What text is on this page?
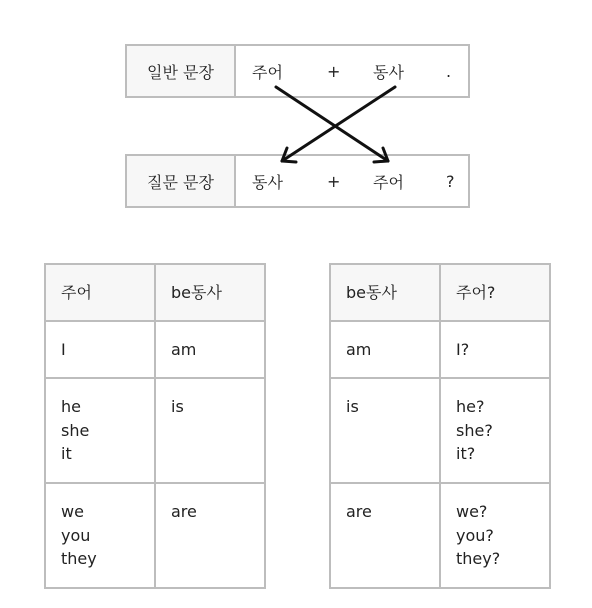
일반 문장	주어	+ 동사	.
질문 문장	동사	+ 주어	?
주어	be동사

I	am

he
she
it	is

we
you
they	are
be동사	주어?

am	I?

is	he?
she?
it?

are	we?
you?
they?
